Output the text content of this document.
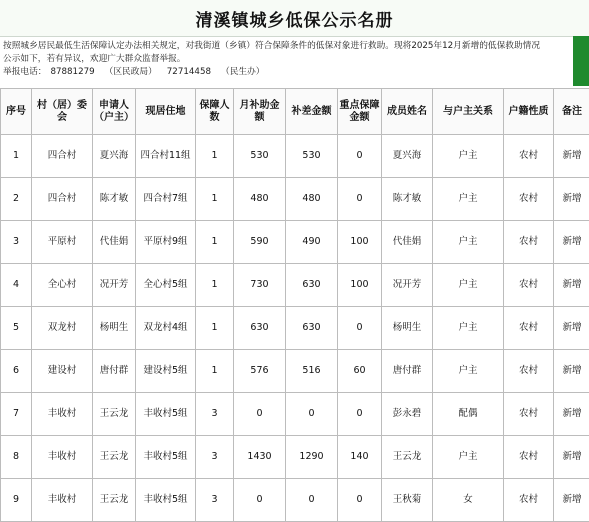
清溪镇城乡低保公示名册
按照城乡居民最低生活保障认定办法相关规定，对我街道（乡镇）符合保障条件的低保对象进行救助。现将2025年12月新增的低保救助情况
公示如下，若有异议，欢迎广大群众监督举报。
举报电话： 87881279 （区民政局） 72714458 （民生办）
序号	村（居）委会	申请人（户主）	现居住地	保障人数	月补助金额	补差金额	重点保障金额	成员姓名	与户主关系	户籍性质	备注
1	四合村	夏兴海	四合村11组	1	530	530	0	夏兴海	户主	农村	新增
2	四合村	陈才敏	四合村7组	1	480	480	0	陈才敏	户主	农村	新增
3	平原村	代佳娟	平原村9组	1	590	490	100	代佳娟	户主	农村	新增
4	全心村	况开芳	全心村5组	1	730	630	100	况开芳	户主	农村	新增
5	双龙村	杨明生	双龙村4组	1	630	630	0	杨明生	户主	农村	新增
6	建设村	唐付群	建设村5组	1	576	516	60	唐付群	户主	农村	新增
7	丰收村	王云龙	丰收村5组	3	0	0	0	彭永碧	配偶	农村	新增
8	丰收村	王云龙	丰收村5组	3	1430	1290	140	王云龙	户主	农村	新增
9	丰收村	王云龙	丰收村5组	3	0	0	0	王秋菊	女	农村	新增
